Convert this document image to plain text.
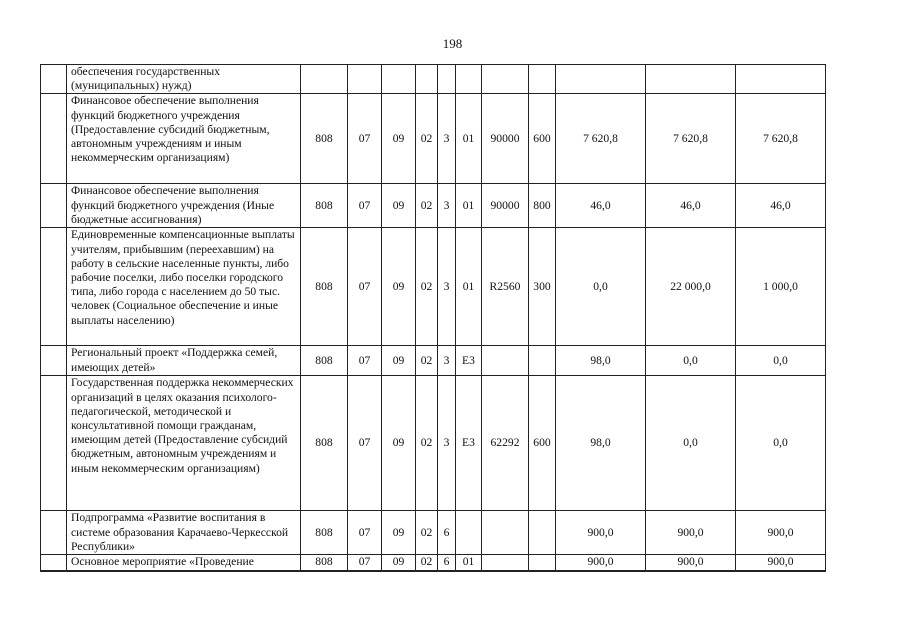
198
	обеспечения государственных (муниципальных) нужд)											
	Финансовое обеспечение выполнения функций бюджетного учреждения (Предоставление субсидий бюджетным, автономным учреждениям и иным некоммерческим организациям)	808	07	09	02	3	01	90000	600	7 620,8	7 620,8	7 620,8
	Финансовое обеспечение выполнения функций бюджетного учреждения (Иные бюджетные ассигнования)	808	07	09	02	3	01	90000	800	46,0	46,0	46,0
	Единовременные компенсационные выплаты учителям, прибывшим (переехавшим) на работу в сельские населенные пункты, либо рабочие поселки, либо поселки городского типа, либо города с населением до 50 тыс. человек (Социальное обеспечение и иные выплаты населению)	808	07	09	02	3	01	R2560	300	0,0	22 000,0	1 000,0
	Региональный проект «Поддержка семей, имеющих детей»	808	07	09	02	3	E3			98,0	0,0	0,0
	Государственная поддержка некоммерческих организаций в целях оказания психолого-педагогической, методической и консультативной помощи гражданам, имеющим детей (Предоставление субсидий бюджетным, автономным учреждениям и иным некоммерческим организациям)	808	07	09	02	3	E3	62292	600	98,0	0,0	0,0
	Подпрограмма «Развитие воспитания в системе образования Карачаево-Черкесской Республики»	808	07	09	02	6				900,0	900,0	900,0
	Основное мероприятие «Проведение	808	07	09	02	6	01			900,0	900,0	900,0
